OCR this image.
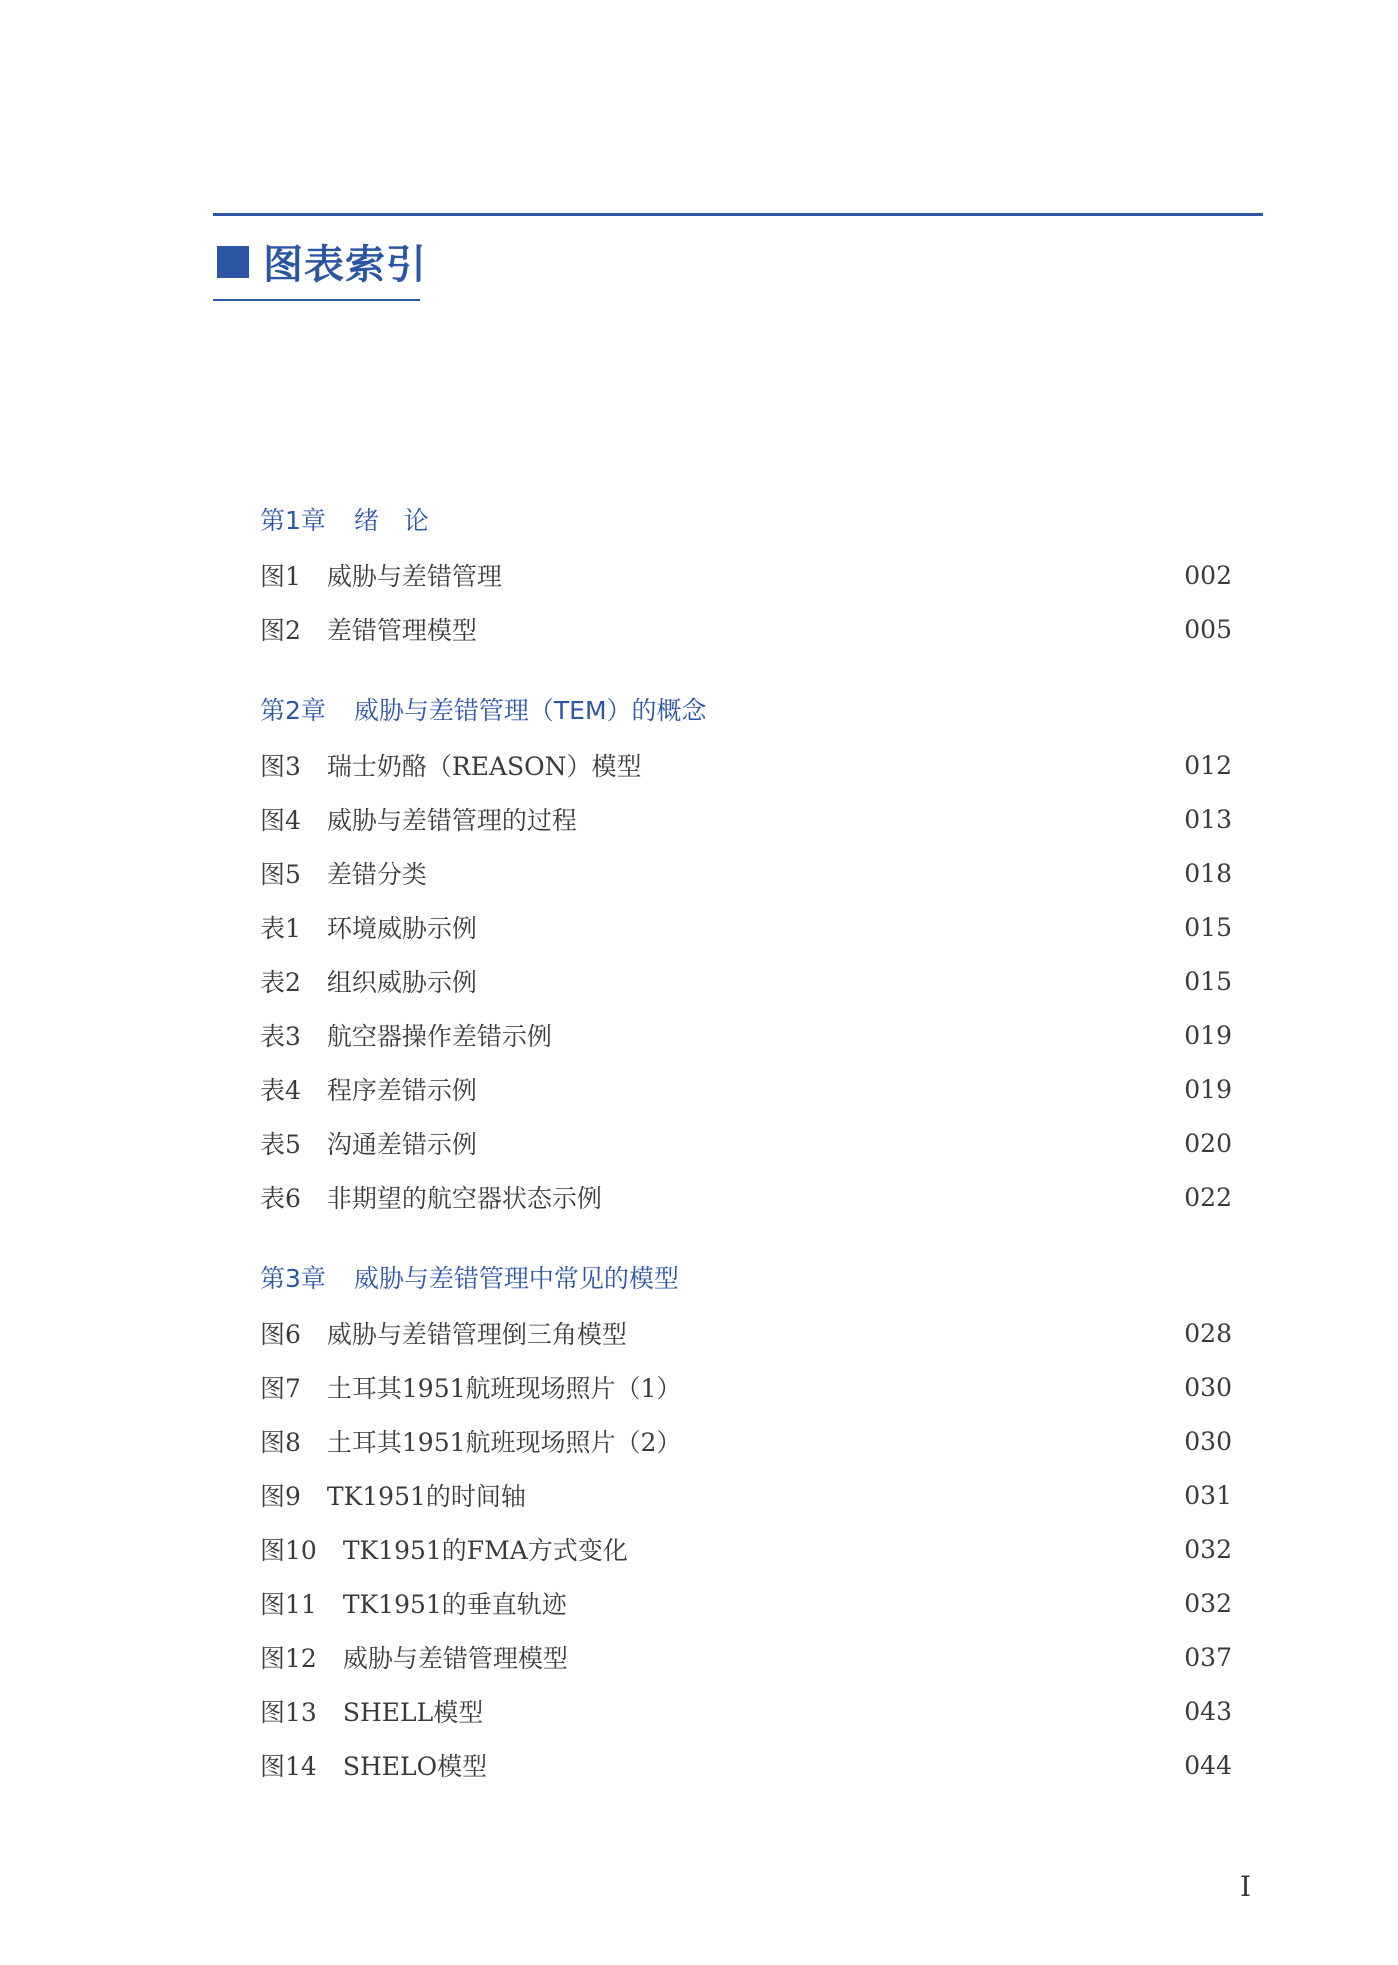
图表索引
第1章 绪　论
图1 威胁与差错管理	002
图2 差错管理模型	005
第2章 威胁与差错管理（TEM）的概念
图3 瑞士奶酪（REASON）模型	012
图4 威胁与差错管理的过程	013
图5 差错分类	018
表1 环境威胁示例	015
表2 组织威胁示例	015
表3 航空器操作差错示例	019
表4 程序差错示例	019
表5 沟通差错示例	020
表6 非期望的航空器状态示例	022
第3章 威胁与差错管理中常见的模型
图6 威胁与差错管理倒三角模型	028
图7 土耳其1951航班现场照片（1）	030
图8 土耳其1951航班现场照片（2）	030
图9 TK1951的时间轴	031
图10 TK1951的FMA方式变化	032
图11 TK1951的垂直轨迹	032
图12 威胁与差错管理模型	037
图13 SHELL模型	043
图14 SHELO模型	044
I
